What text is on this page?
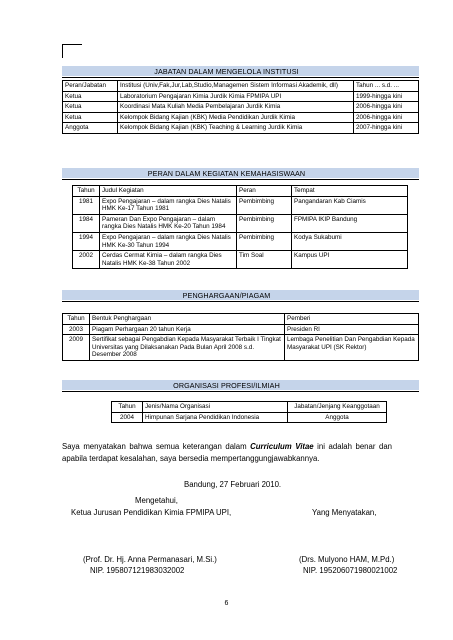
JABATAN DALAM MENGELOLA INSTITUSI
Peran/Jabatan	Institusi (Univ,Fak,Jur,Lab,Studio,Managemen Sistem Informasi Akademik, dll)	Tahun ... s.d. ...
Ketua	Laboratorium Pengajaran Kimia Jurdik Kimia FPMIPA UPI	1999-hingga kini
Ketua	Koordinasi Mata Kuliah Media Pembelajaran Jurdik Kimia	2006-hingga kini
Ketua	Kelompok Bidang Kajian (KBK) Media Pendidikan Jurdik Kimia	2006-hingga kini
Anggota	Kelompok Bidang Kajian (KBK) Teaching & Learning Jurdik Kimia	2007-hingga kini
PERAN DALAM KEGIATAN KEMAHASISWAAN
Tahun	Judul Kegiatan	Peran	Tempat
1981	Expo Pengajaran – dalam rangka Dies Natalis HMK Ke-17 Tahun 1981	Pembimbing	Pangandaran Kab Ciamis
1984	Pameran Dan Expo Pengajaran – dalam rangka Dies Natalis HMK Ke-20 Tahun 1984	Pembimbing	FPMIPA IKIP Bandung
1994	Expo Pengajaran – dalam rangka Dies Natalis HMK Ke-30 Tahun 1994	Pembimbing	Kodya Sukabumi
2002	Cerdas Cermat Kimia – dalam rangka Dies Natalis HMK Ke-38 Tahun 2002	Tim Soal	Kampus UPI
PENGHARGAAN/PIAGAM
Tahun	Bentuk Penghargaan	Pemberi
2003	Piagam Perhargaan 20 tahun Kerja	Presiden RI
2009	Sertifikat sebagai Pengabdian Kepada Masyarakat Terbaik I Tingkat Universitas yang Dilaksanakan Pada Bulan April 2008 s.d. Desember 2008	Lembaga Penelitian Dan Pengabdian Kepada Masyarakat UPI (SK Rektor)
ORGANISASI PROFESI/ILMIAH
Tahun	Jenis/Nama Organisasi	Jabatan/Jenjang Keanggotaan
2004	Himpunan Sarjana Pendidikan Indonesia	Anggota
Saya menyatakan bahwa semua keterangan dalam Curriculum Vitae ini adalah benar dan apabila terdapat kesalahan, saya bersedia mempertanggungjawabkannya.
Bandung, 27 Februari 2010.
Mengetahui,
Ketua Jurusan Pendidikan Kimia FPMIPA UPI,	Yang Menyatakan,
(Prof. Dr. Hj. Anna Permanasari, M.Si.)
NIP. 195807121983032002
(Drs. Mulyono HAM, M.Pd.)
NIP. 195206071980021002
6
